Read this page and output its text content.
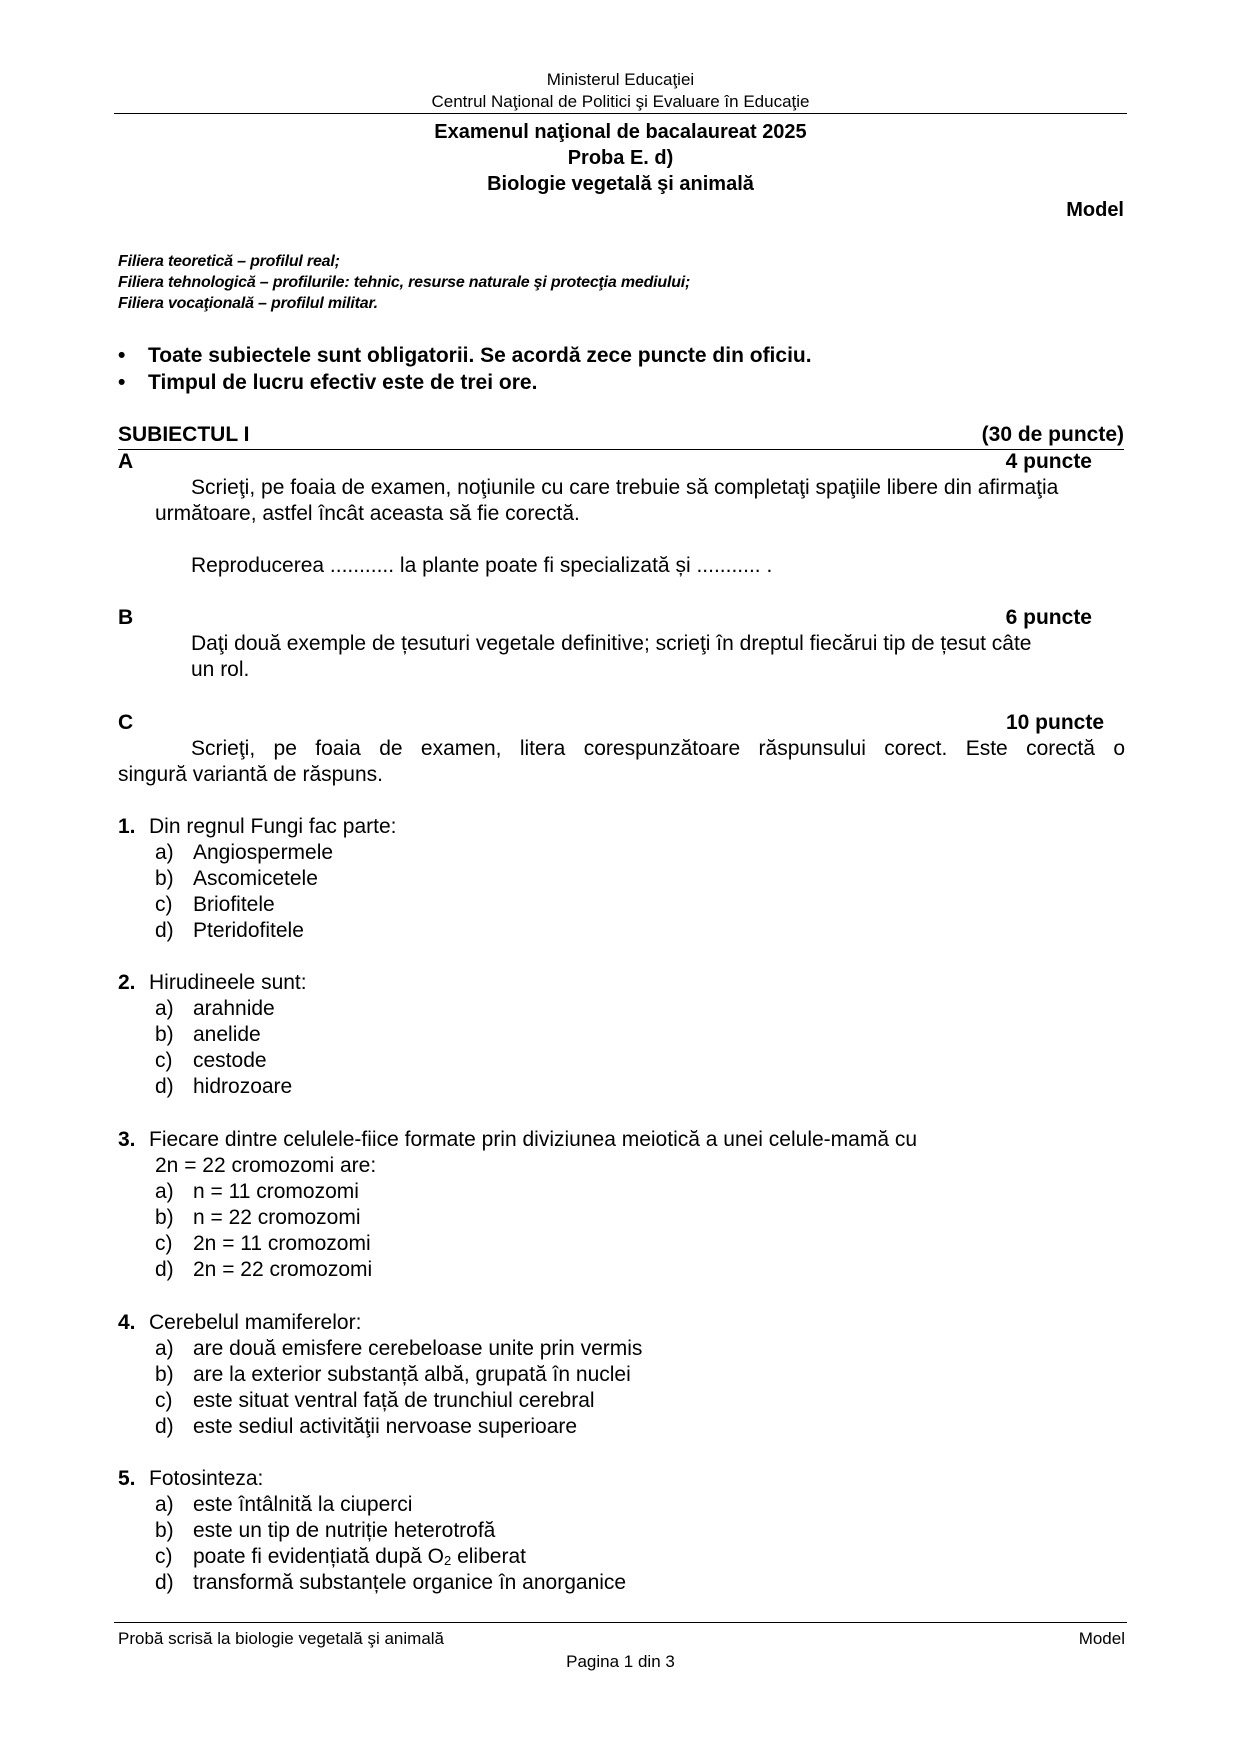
Ministerul Educaţiei
Centrul Naţional de Politici şi Evaluare în Educaţie
Examenul naţional de bacalaureat 2025
Proba E. d)
Biologie vegetală şi animală
Model
Filiera teoretică – profilul real;
Filiera tehnologică – profilurile: tehnic, resurse naturale şi protecţia mediului;
Filiera vocaţională – profilul militar.
• Toate subiectele sunt obligatorii. Se acordă zece puncte din oficiu.
• Timpul de lucru efectiv este de trei ore.
SUBIECTUL I	(30 de puncte)
A	4 puncte
Scrieţi, pe foaia de examen, noţiunile cu care trebuie să completaţi spaţiile libere din afirmaţia
următoare, astfel încât aceasta să fie corectă.
Reproducerea ........... la plante poate fi specializată și ........... .
B	6 puncte
Daţi două exemple de țesuturi vegetale definitive; scrieţi în dreptul fiecărui tip de țesut câte
un rol.
C	10 puncte
Scrieţi, pe foaia de examen, litera corespunzătoare răspunsului corect. Este corectă o
singură variantă de răspuns.
1. Din regnul Fungi fac parte:
a) Angiospermele
b) Ascomicetele
c) Briofitele
d) Pteridofitele
2. Hirudineele sunt:
a) arahnide
b) anelide
c) cestode
d) hidrozoare
3. Fiecare dintre celulele-fiice formate prin diviziunea meiotică a unei celule-mamă cu
2n = 22 cromozomi are:
a) n = 11 cromozomi
b) n = 22 cromozomi
c) 2n = 11 cromozomi
d) 2n = 22 cromozomi
4. Cerebelul mamiferelor:
a) are două emisfere cerebeloase unite prin vermis
b) are la exterior substanță albă, grupată în nuclei
c) este situat ventral față de trunchiul cerebral
d) este sediul activităţii nervoase superioare
5. Fotosinteza:
a) este întâlnită la ciuperci
b) este un tip de nutriție heterotrofă
c) poate fi evidențiată după $O_2$ eliberat
d) transformă substanțele organice în anorganice
Probă scrisă la biologie vegetală şi animală	Model
Pagina 1 din 3
